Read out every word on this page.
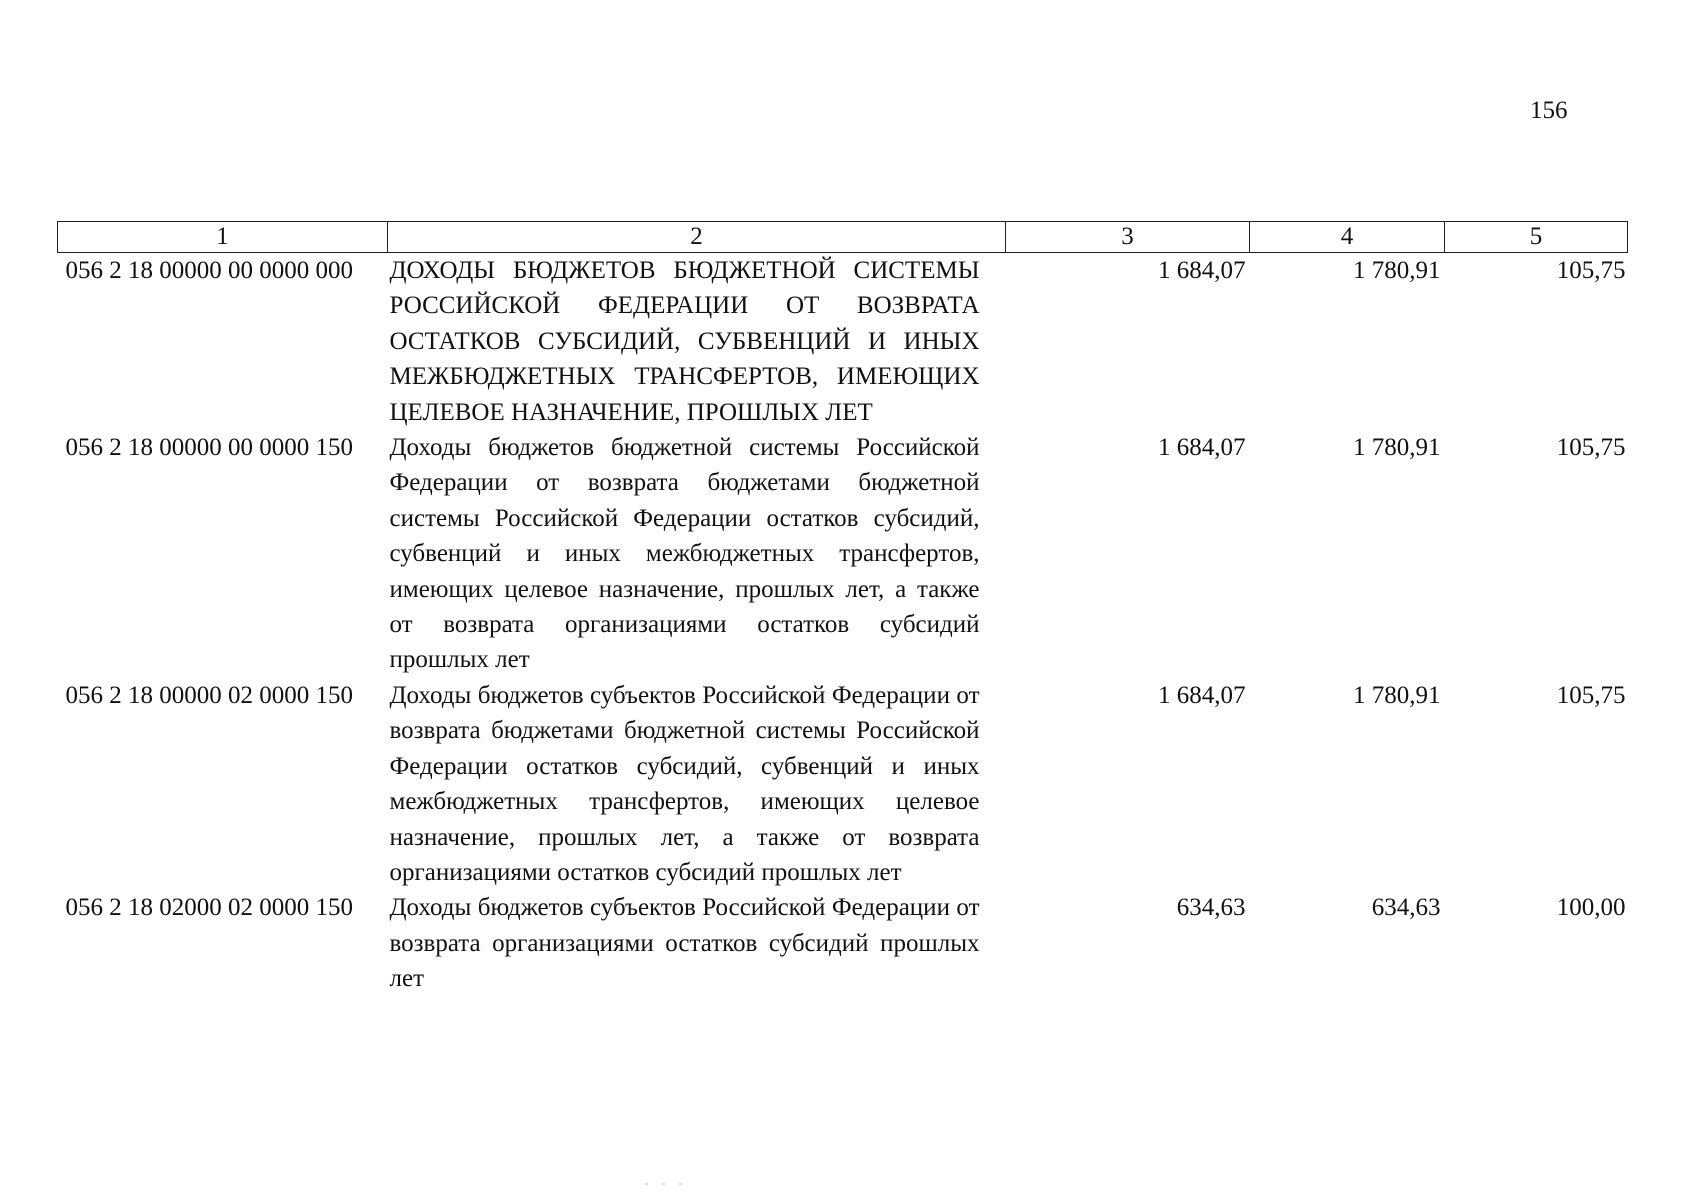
156
1	2	3	4	5
056 2 18 00000 00 0000 000	ДОХОДЫ БЮДЖЕТОВ БЮДЖЕТНОЙ СИСТЕМЫ РОССИЙСКОЙ ФЕДЕРАЦИИ ОТ ВОЗВРАТА ОСТАТКОВ СУБСИДИЙ, СУБВЕНЦИЙ И ИНЫХ МЕЖБЮДЖЕТНЫХ ТРАНСФЕРТОВ, ИМЕЮЩИХ ЦЕЛЕВОЕ НАЗНАЧЕНИЕ, ПРОШЛЫХ ЛЕТ	1 684,07	1 780,91	105,75
056 2 18 00000 00 0000 150	Доходы бюджетов бюджетной системы Российской Федерации от возврата бюджетами бюджетной системы Российской Федерации остатков субсидий, субвенций и иных межбюджетных трансфертов, имеющих целевое назначение, прошлых лет, а также от возврата организациями остатков субсидий прошлых лет	1 684,07	1 780,91	105,75
056 2 18 00000 02 0000 150	Доходы бюджетов субъектов Российской Федерации от возврата бюджетами бюджетной системы Российской Федерации остатков субсидий, субвенций и иных межбюджетных трансфертов, имеющих целевое назначение, прошлых лет, а также от возврата организациями остатков субсидий прошлых лет	1 684,07	1 780,91	105,75
056 2 18 02000 02 0000 150	Доходы бюджетов субъектов Российской Федерации от возврата организациями остатков субсидий прошлых лет	634,63	634,63	100,00
